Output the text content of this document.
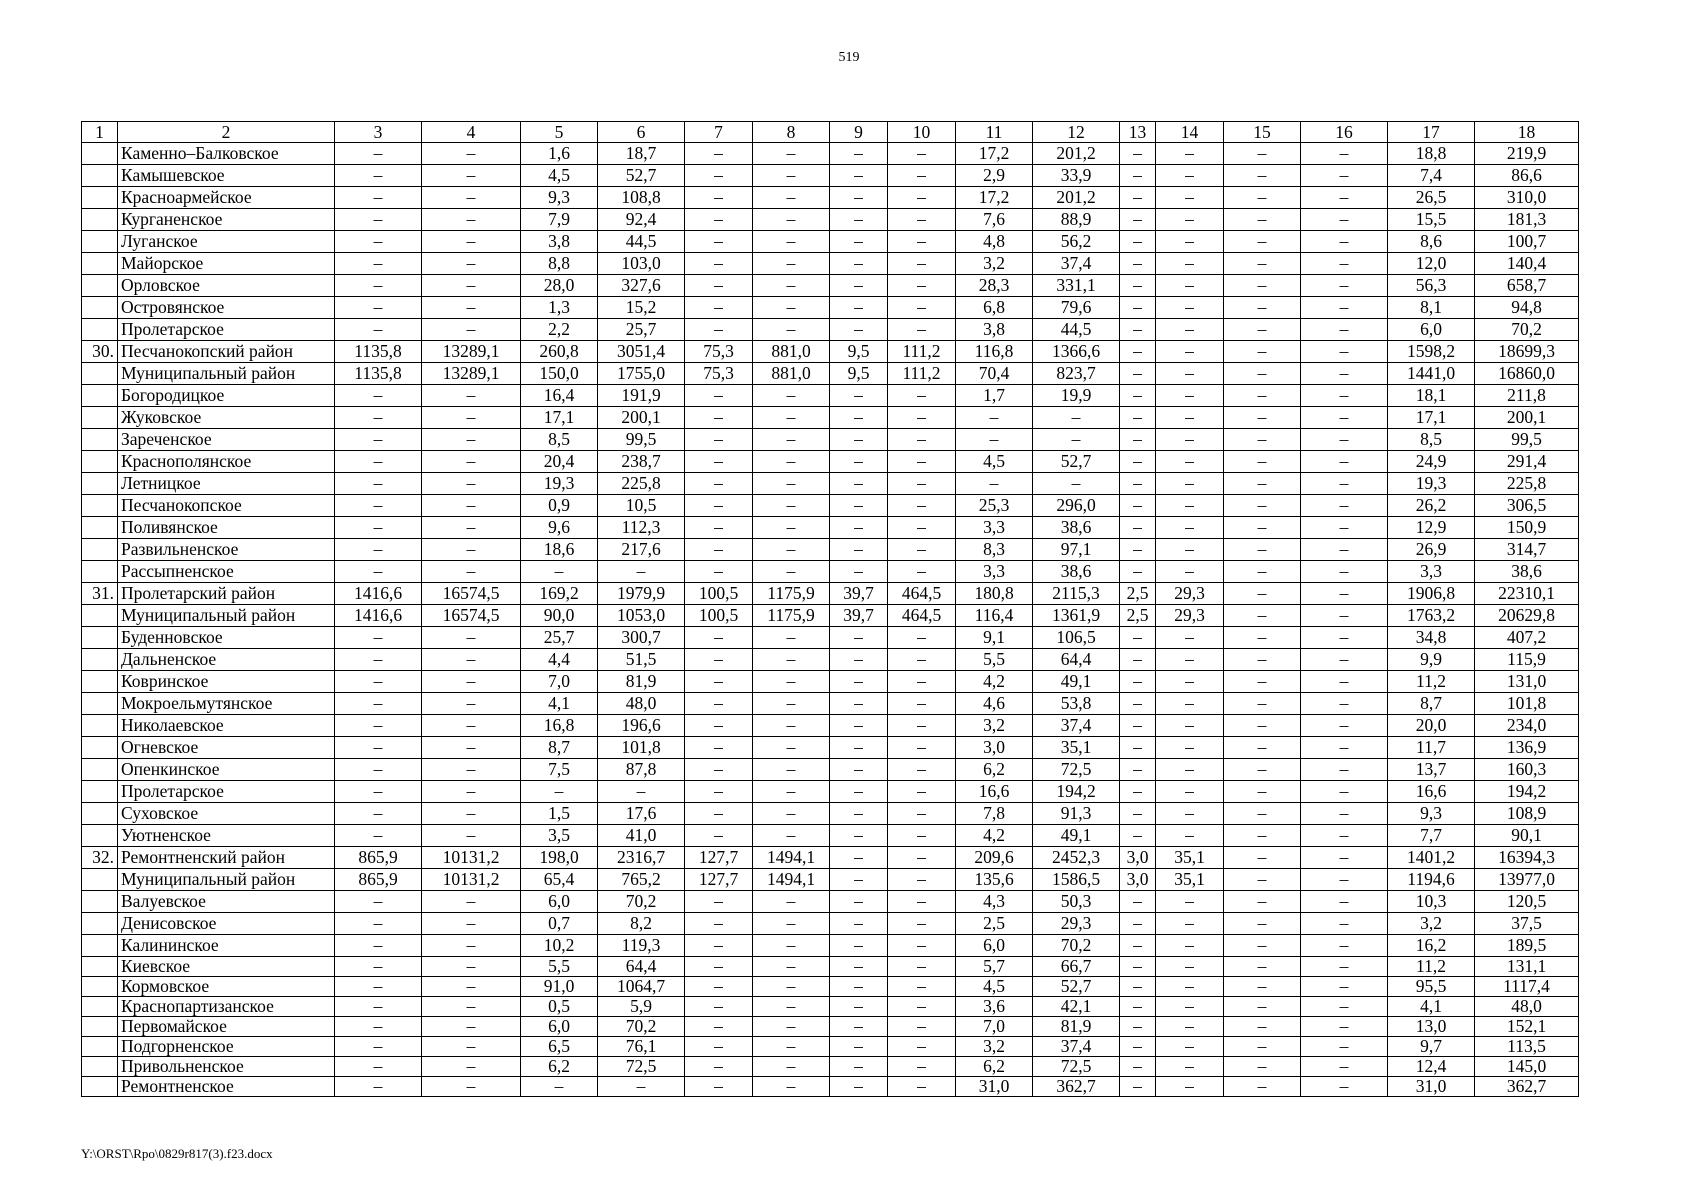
519
1	2	3	4	5	6	7	8	9	10	11	12	13	14	15	16	17	18
	Каменно–Балковское	–	–	1,6	18,7	–	–	–	–	17,2	201,2	–	–	–	–	18,8	219,9
	Камышевское	–	–	4,5	52,7	–	–	–	–	2,9	33,9	–	–	–	–	7,4	86,6
	Красноармейское	–	–	9,3	108,8	–	–	–	–	17,2	201,2	–	–	–	–	26,5	310,0
	Курганенское	–	–	7,9	92,4	–	–	–	–	7,6	88,9	–	–	–	–	15,5	181,3
	Луганское	–	–	3,8	44,5	–	–	–	–	4,8	56,2	–	–	–	–	8,6	100,7
	Майорское	–	–	8,8	103,0	–	–	–	–	3,2	37,4	–	–	–	–	12,0	140,4
	Орловское	–	–	28,0	327,6	–	–	–	–	28,3	331,1	–	–	–	–	56,3	658,7
	Островянское	–	–	1,3	15,2	–	–	–	–	6,8	79,6	–	–	–	–	8,1	94,8
	Пролетарское	–	–	2,2	25,7	–	–	–	–	3,8	44,5	–	–	–	–	6,0	70,2
30.	Песчанокопский район	1135,8	13289,1	260,8	3051,4	75,3	881,0	9,5	111,2	116,8	1366,6	–	–	–	–	1598,2	18699,3
	Муниципальный район	1135,8	13289,1	150,0	1755,0	75,3	881,0	9,5	111,2	70,4	823,7	–	–	–	–	1441,0	16860,0
	Богородицкое	–	–	16,4	191,9	–	–	–	–	1,7	19,9	–	–	–	–	18,1	211,8
	Жуковское	–	–	17,1	200,1	–	–	–	–	–	–	–	–	–	–	17,1	200,1
	Зареченское	–	–	8,5	99,5	–	–	–	–	–	–	–	–	–	–	8,5	99,5
	Краснополянское	–	–	20,4	238,7	–	–	–	–	4,5	52,7	–	–	–	–	24,9	291,4
	Летницкое	–	–	19,3	225,8	–	–	–	–	–	–	–	–	–	–	19,3	225,8
	Песчанокопское	–	–	0,9	10,5	–	–	–	–	25,3	296,0	–	–	–	–	26,2	306,5
	Поливянское	–	–	9,6	112,3	–	–	–	–	3,3	38,6	–	–	–	–	12,9	150,9
	Развильненское	–	–	18,6	217,6	–	–	–	–	8,3	97,1	–	–	–	–	26,9	314,7
	Рассыпненское	–	–	–	–	–	–	–	–	3,3	38,6	–	–	–	–	3,3	38,6
31.	Пролетарский район	1416,6	16574,5	169,2	1979,9	100,5	1175,9	39,7	464,5	180,8	2115,3	2,5	29,3	–	–	1906,8	22310,1
	Муниципальный район	1416,6	16574,5	90,0	1053,0	100,5	1175,9	39,7	464,5	116,4	1361,9	2,5	29,3	–	–	1763,2	20629,8
	Буденновское	–	–	25,7	300,7	–	–	–	–	9,1	106,5	–	–	–	–	34,8	407,2
	Дальненское	–	–	4,4	51,5	–	–	–	–	5,5	64,4	–	–	–	–	9,9	115,9
	Ковринское	–	–	7,0	81,9	–	–	–	–	4,2	49,1	–	–	–	–	11,2	131,0
	Мокроельмутянское	–	–	4,1	48,0	–	–	–	–	4,6	53,8	–	–	–	–	8,7	101,8
	Николаевское	–	–	16,8	196,6	–	–	–	–	3,2	37,4	–	–	–	–	20,0	234,0
	Огневское	–	–	8,7	101,8	–	–	–	–	3,0	35,1	–	–	–	–	11,7	136,9
	Опенкинское	–	–	7,5	87,8	–	–	–	–	6,2	72,5	–	–	–	–	13,7	160,3
	Пролетарское	–	–	–	–	–	–	–	–	16,6	194,2	–	–	–	–	16,6	194,2
	Суховское	–	–	1,5	17,6	–	–	–	–	7,8	91,3	–	–	–	–	9,3	108,9
	Уютненское	–	–	3,5	41,0	–	–	–	–	4,2	49,1	–	–	–	–	7,7	90,1
32.	Ремонтненский район	865,9	10131,2	198,0	2316,7	127,7	1494,1	–	–	209,6	2452,3	3,0	35,1	–	–	1401,2	16394,3
	Муниципальный район	865,9	10131,2	65,4	765,2	127,7	1494,1	–	–	135,6	1586,5	3,0	35,1	–	–	1194,6	13977,0
	Валуевское	–	–	6,0	70,2	–	–	–	–	4,3	50,3	–	–	–	–	10,3	120,5
	Денисовское	–	–	0,7	8,2	–	–	–	–	2,5	29,3	–	–	–	–	3,2	37,5
	Калининское	–	–	10,2	119,3	–	–	–	–	6,0	70,2	–	–	–	–	16,2	189,5
	Киевское	–	–	5,5	64,4	–	–	–	–	5,7	66,7	–	–	–	–	11,2	131,1
	Кормовское	–	–	91,0	1064,7	–	–	–	–	4,5	52,7	–	–	–	–	95,5	1117,4
	Краснопартизанское	–	–	0,5	5,9	–	–	–	–	3,6	42,1	–	–	–	–	4,1	48,0
	Первомайское	–	–	6,0	70,2	–	–	–	–	7,0	81,9	–	–	–	–	13,0	152,1
	Подгорненское	–	–	6,5	76,1	–	–	–	–	3,2	37,4	–	–	–	–	9,7	113,5
	Привольненское	–	–	6,2	72,5	–	–	–	–	6,2	72,5	–	–	–	–	12,4	145,0
	Ремонтненское	–	–	–	–	–	–	–	–	31,0	362,7	–	–	–	–	31,0	362,7
Y:\ORST\Rpo\0829r817(3).f23.docx
